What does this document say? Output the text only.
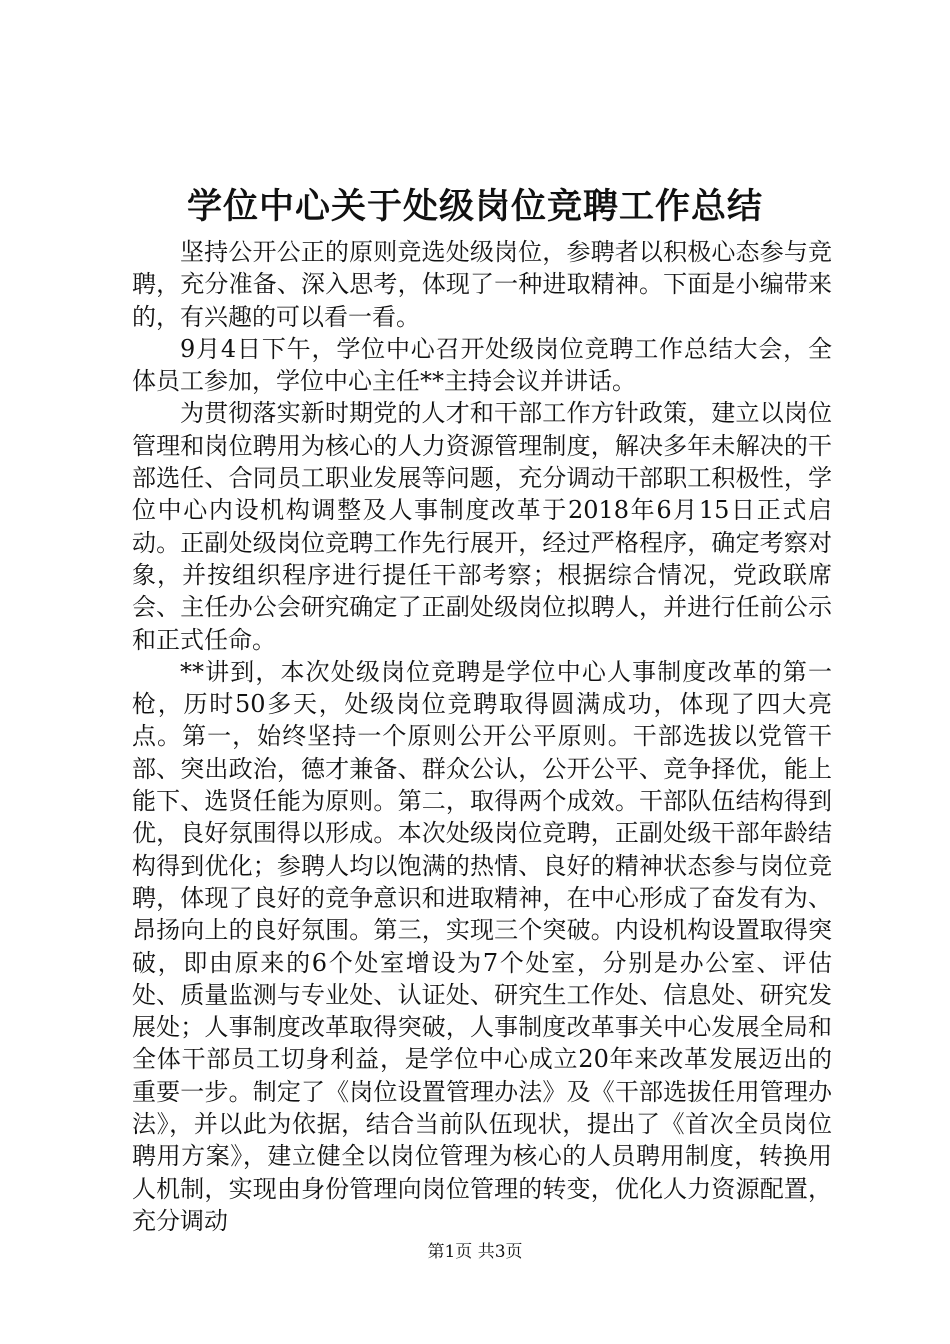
学位中心关于处级岗位竞聘工作总结

坚持公开公正的原则竞选处级岗位，参聘者以积极心态参与竞聘，充分准备、深入思考，体现了一种进取精神。下面是小编带来的，有兴趣的可以看一看。

9月4日下午，学位中心召开处级岗位竞聘工作总结大会，全体员工参加，学位中心主任**主持会议并讲话。

为贯彻落实新时期党的人才和干部工作方针政策，建立以岗位管理和岗位聘用为核心的人力资源管理制度，解决多年未解决的干部选任、合同员工职业发展等问题，充分调动干部职工积极性，学位中心内设机构调整及人事制度改革于2018年6月15日正式启动。正副处级岗位竞聘工作先行展开，经过严格程序，确定考察对象，并按组织程序进行提任干部考察；根据综合情况，党政联席会、主任办公会研究确定了正副处级岗位拟聘人，并进行任前公示和正式任命。

**讲到，本次处级岗位竞聘是学位中心人事制度改革的第一枪，历时50多天，处级岗位竞聘取得圆满成功，体现了四大亮点。第一，始终坚持一个原则公开公平原则。干部选拔以党管干部、突出政治，德才兼备、群众公认，公开公平、竞争择优，能上能下、选贤任能为原则。第二，取得两个成效。干部队伍结构得到优，良好氛围得以形成。本次处级岗位竞聘，正副处级干部年龄结构得到优化；参聘人均以饱满的热情、良好的精神状态参与岗位竞聘，体现了良好的竞争意识和进取精神，在中心形成了奋发有为、昂扬向上的良好氛围。第三，实现三个突破。内设机构设置取得突破，即由原来的6个处室增设为7个处室，分别是办公室、评估处、质量监测与专业处、认证处、研究生工作处、信息处、研究发展处；人事制度改革取得突破，人事制度改革事关中心发展全局和全体干部员工切身利益，是学位中心成立20年来改革发展迈出的重要一步。制定了《岗位设置管理办法》及《干部选拔任用管理办法》，并以此为依据，结合当前队伍现状，提出了《首次全员岗位聘用方案》，建立健全以岗位管理为核心的人员聘用制度，转换用人机制，实现由身份管理向岗位管理的转变，优化人力资源配置，充分调动

第1页 共3页
